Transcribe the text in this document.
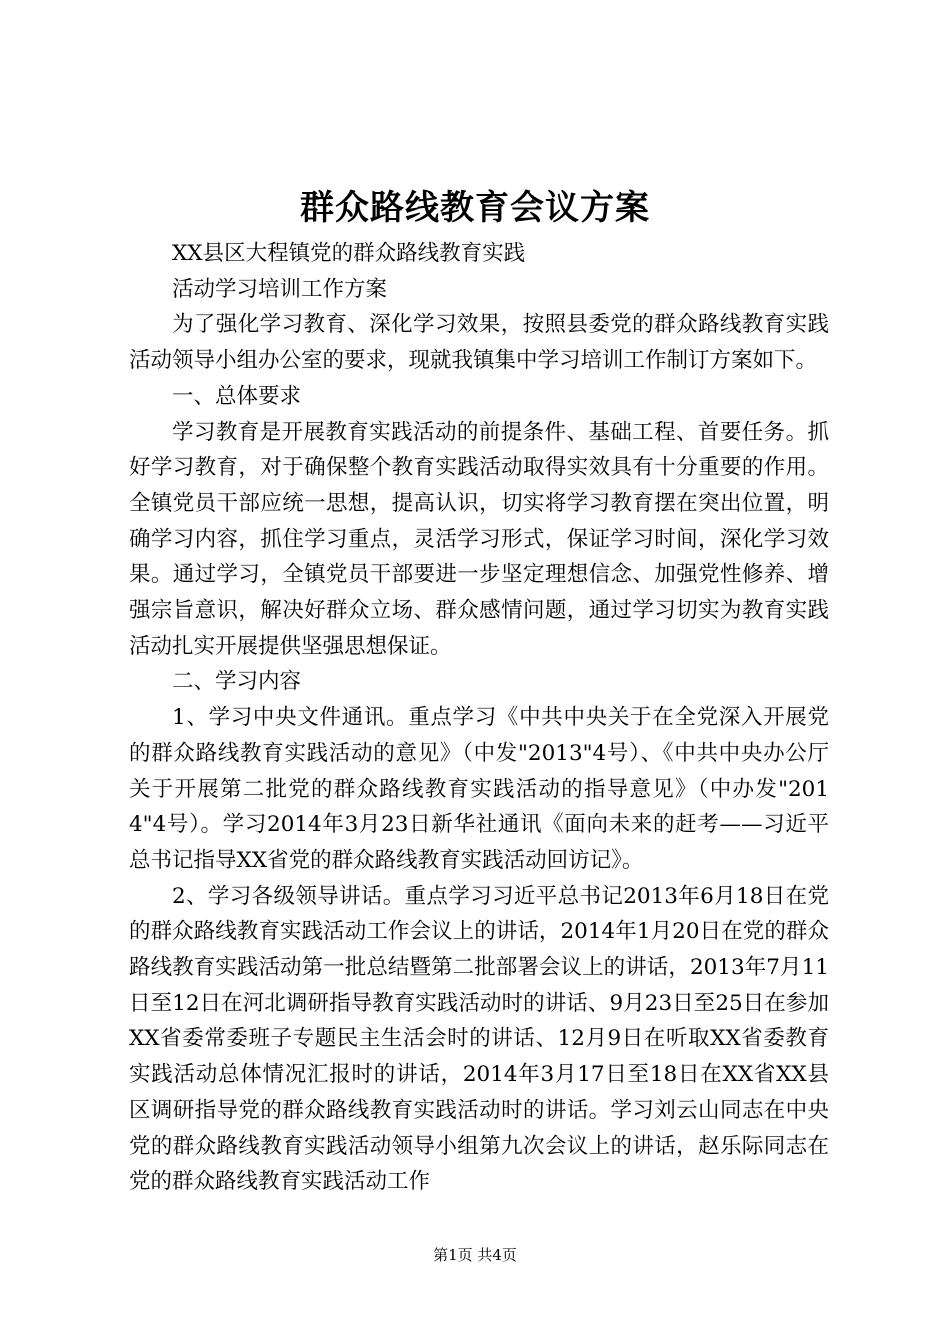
群众路线教育会议方案

XX县区大程镇党的群众路线教育实践

活动学习培训工作方案

为了强化学习教育、深化学习效果，按照县委党的群众路线教育实践活动领导小组办公室的要求，现就我镇集中学习培训工作制订方案如下。

一、总体要求

学习教育是开展教育实践活动的前提条件、基础工程、首要任务。抓好学习教育，对于确保整个教育实践活动取得实效具有十分重要的作用。全镇党员干部应统一思想，提高认识，切实将学习教育摆在突出位置，明确学习内容，抓住学习重点，灵活学习形式，保证学习时间，深化学习效果。通过学习，全镇党员干部要进一步坚定理想信念、加强党性修养、增强宗旨意识，解决好群众立场、群众感情问题，通过学习切实为教育实践活动扎实开展提供坚强思想保证。

二、学习内容

1、学习中央文件通讯。重点学习《中共中央关于在全党深入开展党的群众路线教育实践活动的意见》（中发"2013"4号）、《中共中央办公厅关于开展第二批党的群众路线教育实践活动的指导意见》（中办发"2014"4号）。学习2014年3月23日新华社通讯《面向未来的赶考——习近平总书记指导XX省党的群众路线教育实践活动回访记》。

2、学习各级领导讲话。重点学习习近平总书记2013年6月18日在党的群众路线教育实践活动工作会议上的讲话，2014年1月20日在党的群众路线教育实践活动第一批总结暨第二批部署会议上的讲话，2013年7月11日至12日在河北调研指导教育实践活动时的讲话、9月23日至25日在参加XX省委常委班子专题民主生活会时的讲话、12月9日在听取XX省委教育实践活动总体情况汇报时的讲话，2014年3月17日至18日在XX省XX县区调研指导党的群众路线教育实践活动时的讲话。学习刘云山同志在中央党的群众路线教育实践活动领导小组第九次会议上的讲话，赵乐际同志在党的群众路线教育实践活动工作

第1页 共4页
